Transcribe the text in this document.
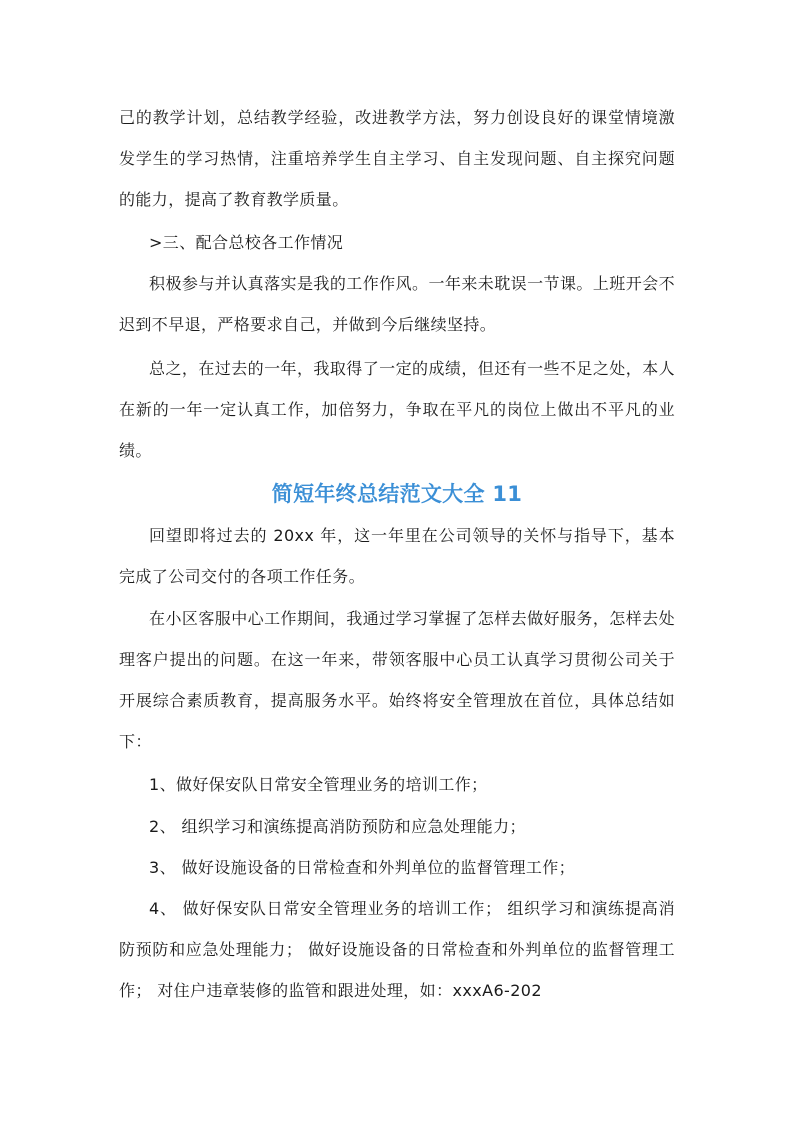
己的教学计划，总结教学经验，改进教学方法，努力创设良好的课堂情境激发学生的学习热情，注重培养学生自主学习、自主发现问题、自主探究问题的能力，提高了教育教学质量。

>三、配合总校各工作情况

积极参与并认真落实是我的工作作风。一年来未耽误一节课。上班开会不迟到不早退，严格要求自己，并做到今后继续坚持。

总之，在过去的一年，我取得了一定的成绩，但还有一些不足之处，本人在新的一年一定认真工作，加倍努力，争取在平凡的岗位上做出不平凡的业绩。

简短年终总结范文大全 11

回望即将过去的 20xx 年，这一年里在公司领导的关怀与指导下，基本完成了公司交付的各项工作任务。

在小区客服中心工作期间，我通过学习掌握了怎样去做好服务，怎样去处理客户提出的问题。在这一年来，带领客服中心员工认真学习贯彻公司关于开展综合素质教育，提高服务水平。始终将安全管理放在首位，具体总结如下：

1、做好保安队日常安全管理业务的培训工作；

2、 组织学习和演练提高消防预防和应急处理能力；

3、 做好设施设备的日常检查和外判单位的监督管理工作；

4、 做好保安队日常安全管理业务的培训工作； 组织学习和演练提高消防预防和应急处理能力； 做好设施设备的日常检查和外判单位的监督管理工作； 对住户违章装修的监管和跟进处理，如：xxxA6-202
